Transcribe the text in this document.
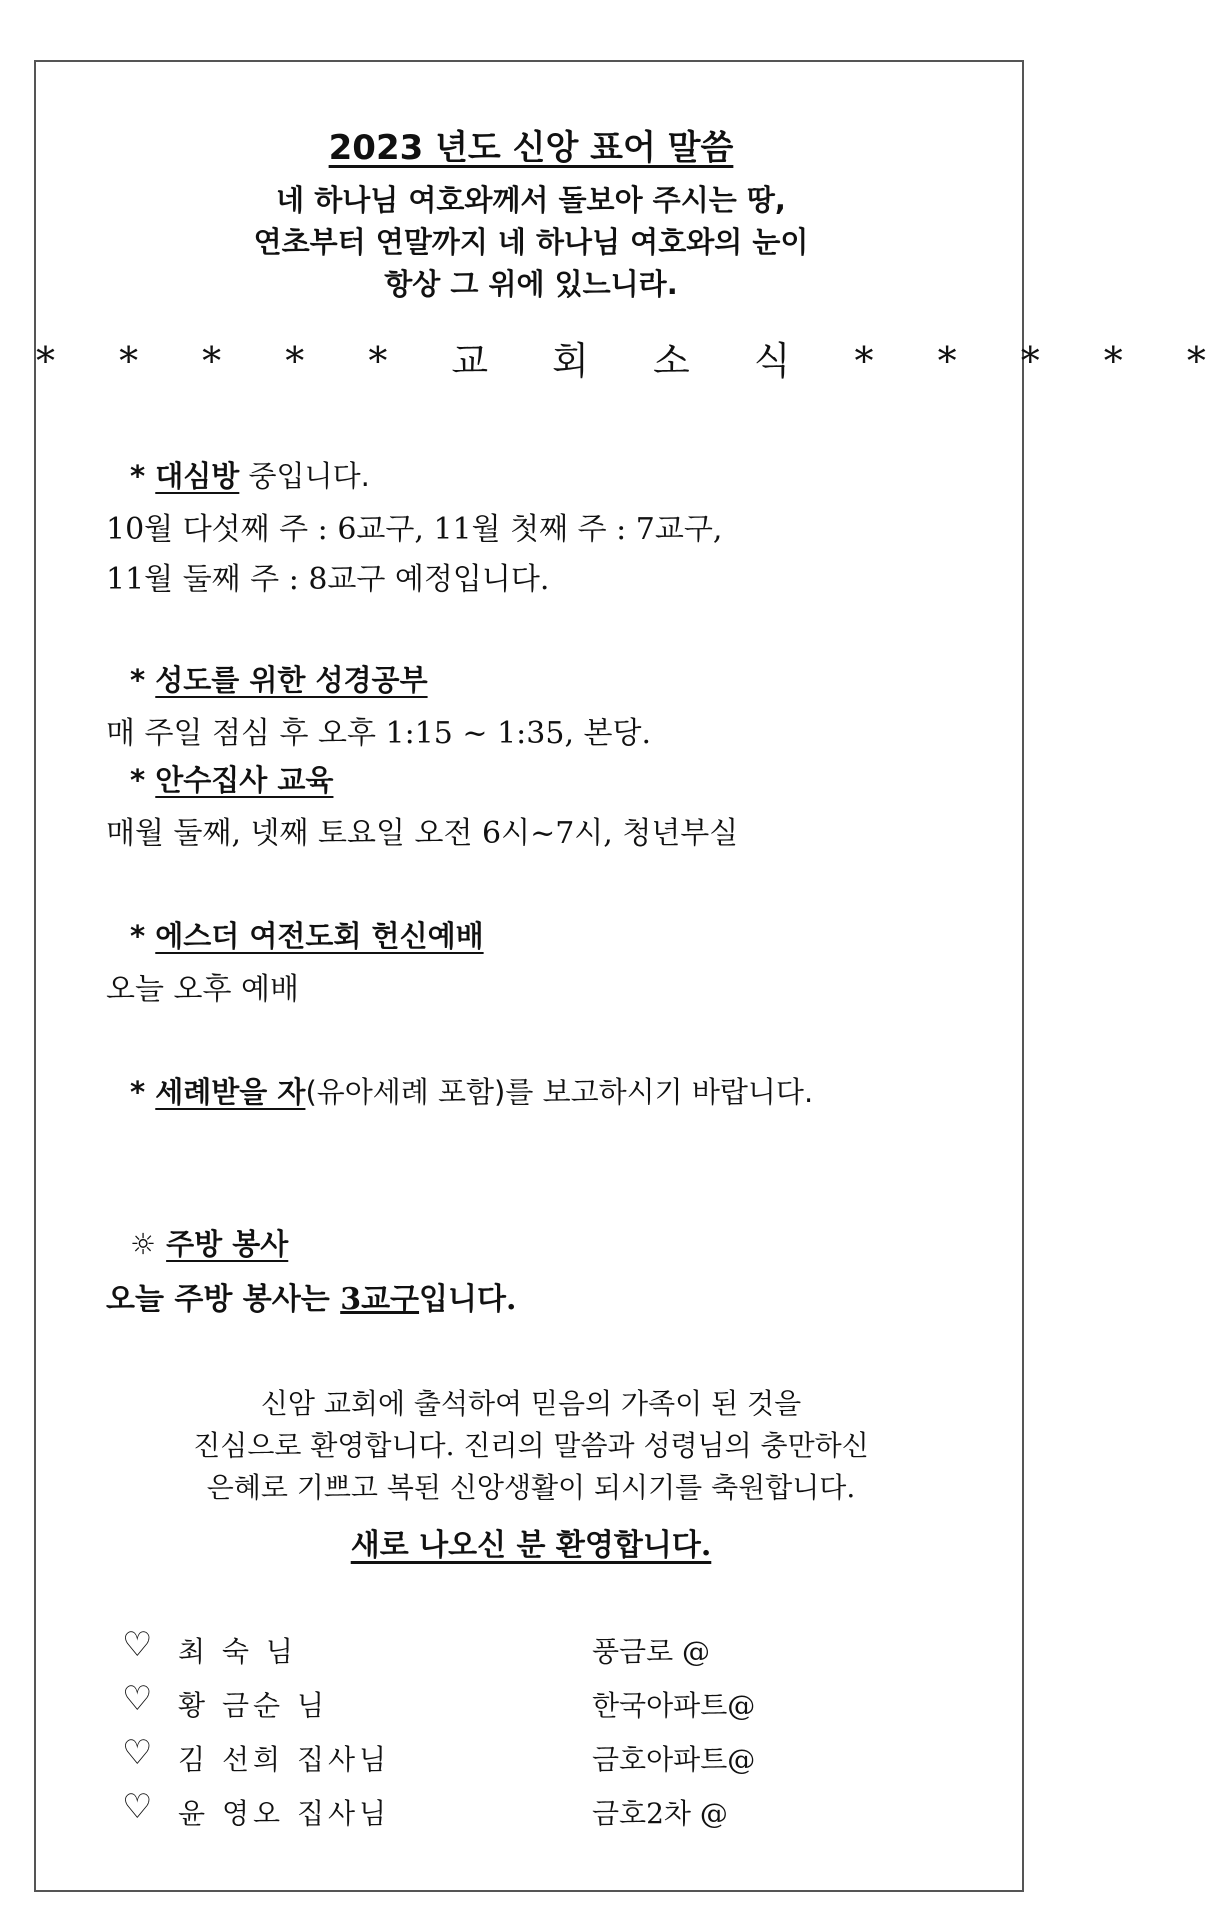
2023 년도 신앙 표어 말씀
네 하나님 여호와께서 돌보아 주시는 땅,
연초부터 연말까지 네 하나님 여호와의 눈이
항상 그 위에 있느니라.
* * * * * 교 회 소 식 * * * * *
* 대심방 중입니다.
10월 다섯째 주 : 6교구, 11월 첫째 주 : 7교구,
11월 둘째 주 : 8교구 예정입니다.
* 성도를 위한 성경공부
매 주일 점심 후 오후 1:15 ~ 1:35, 본당.
* 안수집사 교육
매월 둘째, 넷째 토요일 오전 6시~7시, 청년부실
* 에스더 여전도회 헌신예배
오늘 오후 예배
* 세례받을 자(유아세례 포함)를 보고하시기 바랍니다.
☼ 주방 봉사
오늘 주방 봉사는 3교구입니다.
신암 교회에 출석하여 믿음의 가족이 된 것을
진심으로 환영합니다. 진리의 말씀과 성령님의 충만하신
은혜로 기쁘고 복된 신앙생활이 되시기를 축원합니다.
새로 나오신 분 환영합니다.
♡ 최 숙 님	풍금로 @
♡ 황 금순 님	한국아파트@
♡ 김 선희 집사님	금호아파트@
♡ 윤 영오 집사님	금호2차 @
